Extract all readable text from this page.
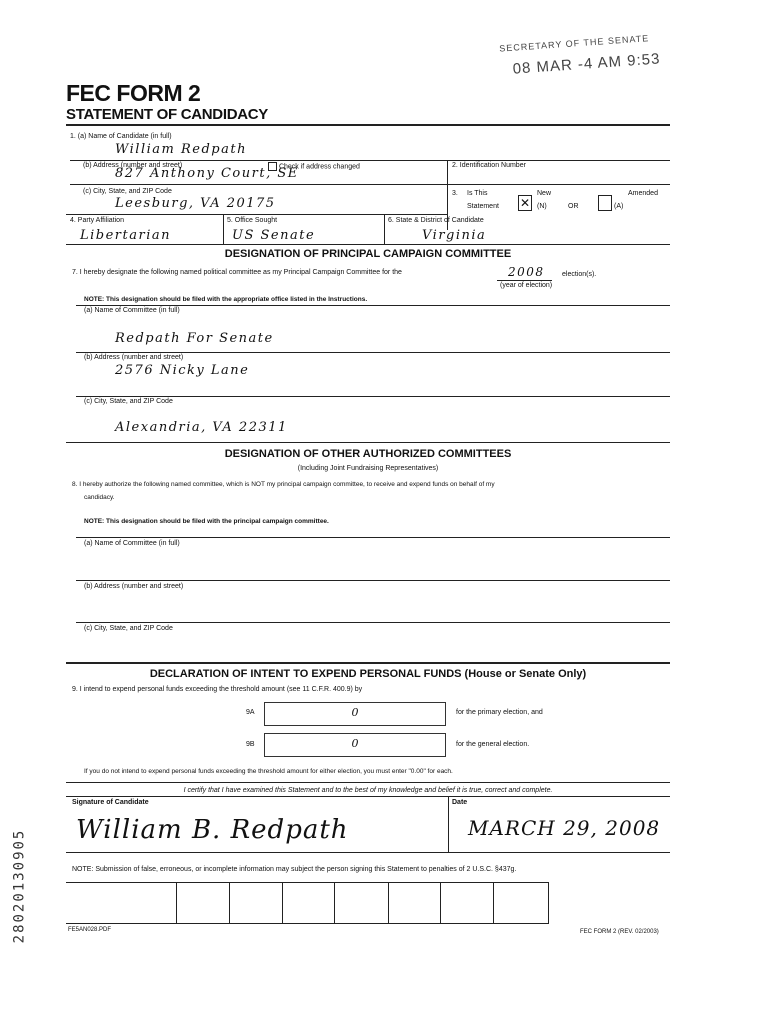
SECRETARY OF THE SENATE
08 MAR -4 AM 9:53
FEC FORM 2
STATEMENT OF CANDIDACY
1. (a) Name of Candidate (in full)
William Redpath
(b) Address (number and street)	Check if address changed
827 Anthony Court, SE
2. Identification Number
(c) City, State, and ZIP Code
Leesburg, VA 20175
3. Is This
Statement ✕
New
(N)	OR
Amended
(A)
4. Party Affiliation
Libertarian
5. Office Sought
US Senate
6. State & District of Candidate
Virginia
DESIGNATION OF PRINCIPAL CAMPAIGN COMMITTEE
7. I hereby designate the following named political committee as my Principal Campaign Committee for the	2008 election(s).
(year of election)
NOTE: This designation should be filed with the appropriate office listed in the Instructions.
(a) Name of Committee (in full)
Redpath For Senate
(b) Address (number and street)
2576 Nicky Lane
(c) City, State, and ZIP Code
Alexandria, VA 22311
DESIGNATION OF OTHER AUTHORIZED COMMITTEES
(Including Joint Fundraising Representatives)
8. I hereby authorize the following named committee, which is NOT my principal campaign committee, to receive and expend funds on behalf of my
candidacy.
NOTE: This designation should be filed with the principal campaign committee.
(a) Name of Committee (in full)
(b) Address (number and street)
(c) City, State, and ZIP Code
DECLARATION OF INTENT TO EXPEND PERSONAL FUNDS (House or Senate Only)
9. I intend to expend personal funds exceeding the threshold amount (see 11 C.F.R. 400.9) by
9A	0	for the primary election, and
9B	0	for the general election.
If you do not intend to expend personal funds exceeding the threshold amount for either election, you must enter "0.00" for each.
I certify that I have examined this Statement and to the best of my knowledge and belief it is true, correct and complete.
Signature of Candidate
William B. Redpath
Date
MARCH 29, 2008
NOTE: Submission of false, erroneous, or incomplete information may subject the person signing this Statement to penalties of 2 U.S.C. §437g.
FE5AN028.PDF	FEC FORM 2 (REV. 02/2003)
28020130905
